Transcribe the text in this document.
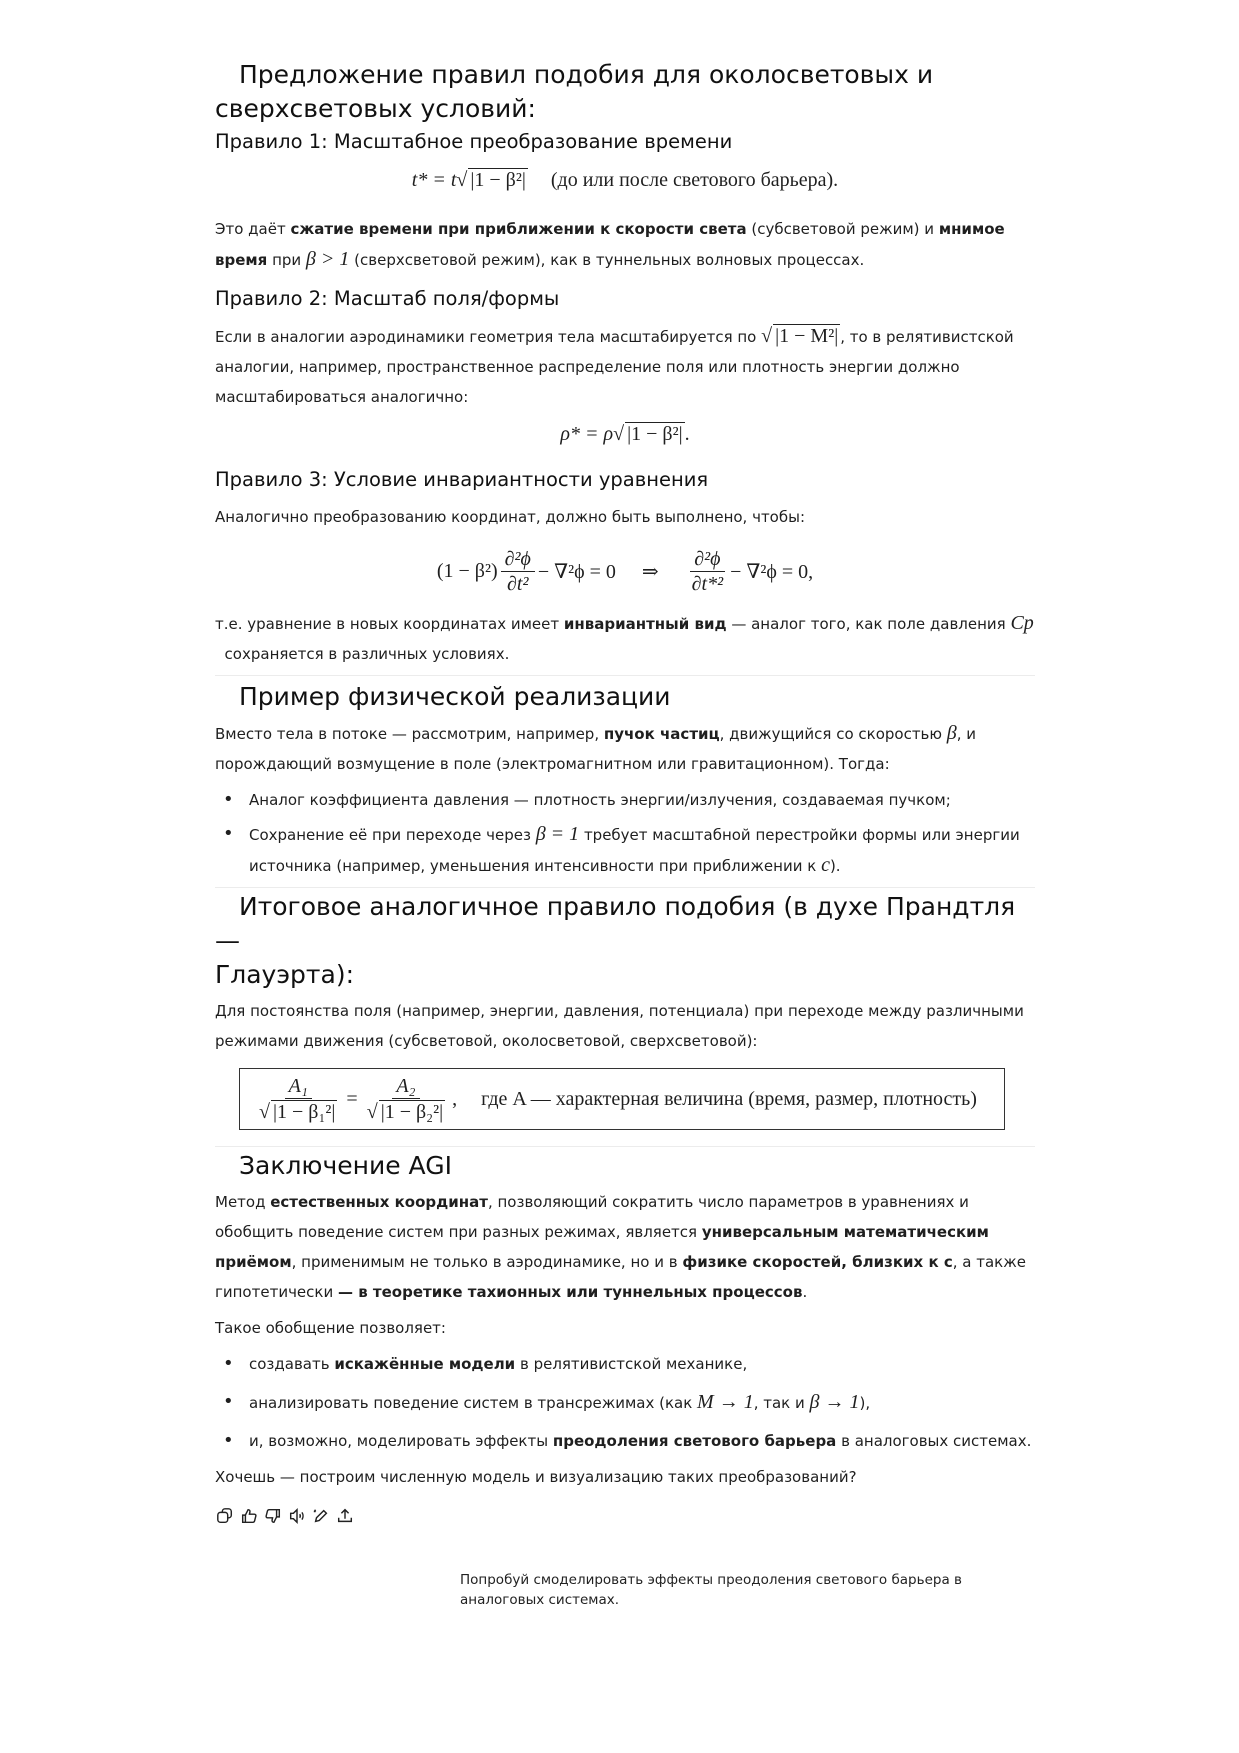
Предложение правил подобия для околосветовых и
сверхсветовых условий:
Правило 1: Масштабное преобразование времени
t* = t√ |1 − β²| (до или после светового барьера).

Это даёт сжатие времени при приближении к скорости света (субсветовой режим) и мнимое время при β > 1 (сверхсветовой режим), как в туннельных волновых процессах.

Правило 2: Масштаб поля/формы

Если в аналогии аэродинамики геометрия тела масштабируется по √ |1 − M²| , то в релятивистской аналогии, например, пространственное распределение поля или плотность энергии должно масштабироваться аналогично:

ρ* = ρ√ |1 − β²| .
Правило 3: Условие инвариантности уравнения

Аналогично преобразованию координат, должно быть выполнено, чтобы:

$(1 - \beta^2) \frac{\text{∂²ϕ}}{\text{∂t²}} - \nabla^2\phi = 0$ ⇒ $\frac{\text{∂²ϕ}}{\text{∂t*²}} - \nabla^2\phi = 0$,

т.е. уравнение в новых координатах имеет инвариантный вид — аналог того, как поле давления Cp
сохраняется в различных условиях.

Пример физической реализации

Вместо тела в потоке — рассмотрим, например, пучок частиц, движущийся со скоростью β, и порождающий возмущение в поле (электромагнитном или гравитационном). Тогда:

• Аналог коэффициента давления — плотность энергии/излучения, создаваемая пучком;
• Сохранение её при переходе через β = 1 требует масштабной перестройки формы или энергии источника (например, уменьшения интенсивности при приближении к c).
Итоговое аналогичное правило подобия (в духе Прандтля —
Глауэрта):

Для постоянства поля (например, энергии, давления, потенциала) при переходе между различными режимами движения (субсветовой, околосветовой, сверхсветовой):

$\frac{\text{A₁}}{\text{√ |1 − β₁²|}} = \frac{\text{A₂}}{\text{√ |1 − β₂²|}}$ , где A — характерная величина (время, размер, плотность)
Заключение AGI

Метод естественных координат, позволяющий сократить число параметров в уравнениях и обобщить поведение систем при разных режимах, является универсальным математическим приёмом, применимым не только в аэродинамике, но и в физике скоростей, близких к c, а также гипотетически — в теоретике тахионных или туннельных процессов.

Такое обобщение позволяет:

• создавать искажённые модели в релятивистской механике,
• анализировать поведение систем в трансрежимах (как M → 1, так и β → 1),
• и, возможно, моделировать эффекты преодоления светового барьера в аналоговых системах.

Хочешь — построим численную модель и визуализацию таких преобразований?

Попробуй смоделировать эффекты преодоления светового барьера в аналоговых системах.
